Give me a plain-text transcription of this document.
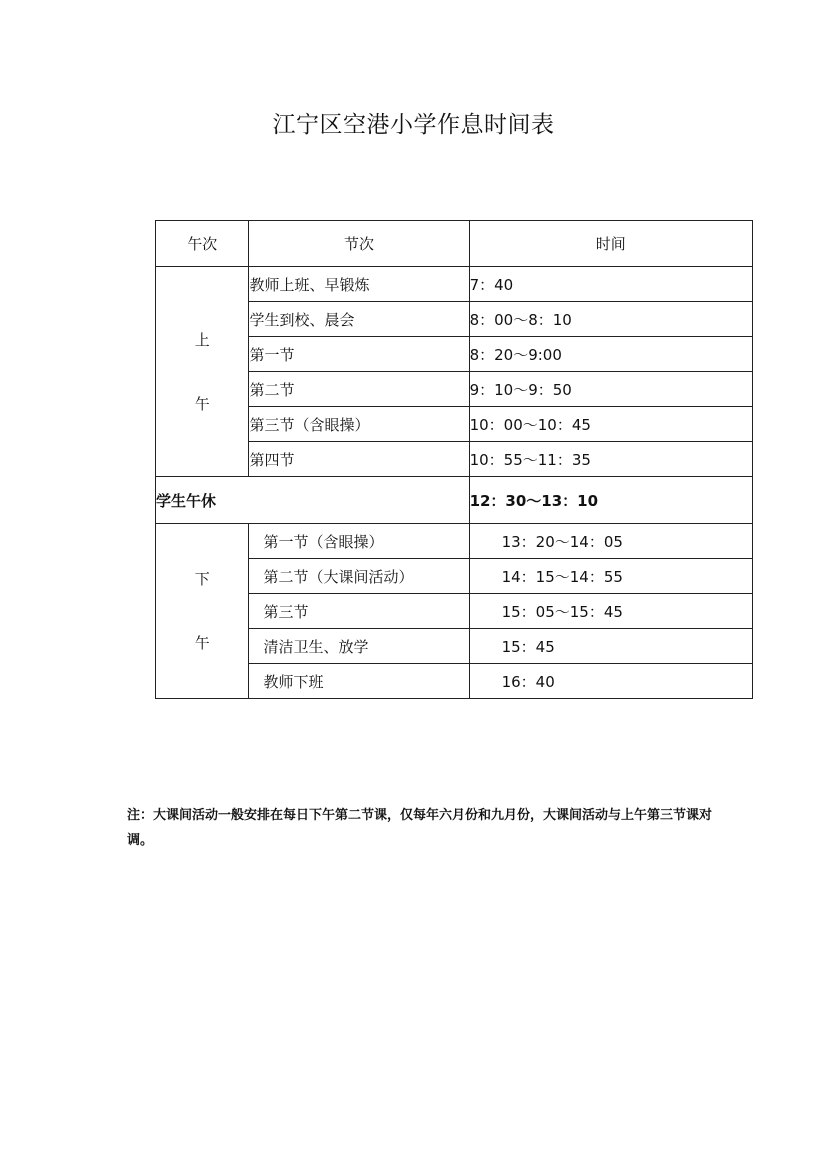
江宁区空港小学作息时间表
午次	节次	时间

上
午	教师上班、早锻炼	7：40
	学生到校、晨会	8：00～8：10
	第一节	8：20～9:00
	第二节	9：10～9：50
	第三节（含眼操）	10：00～10：45
	第四节	10：55～11：35
学生午休		12：30～13：10

下
午	第一节（含眼操）	13：20～14：05
	第二节（大课间活动）	14：15～14：55
	第三节	15：05～15：45
	清洁卫生、放学	15：45
	教师下班	16：40
注：大课间活动一般安排在每日下午第二节课，仅每年六月份和九月份，大课间活动与上午第三节课对调。
